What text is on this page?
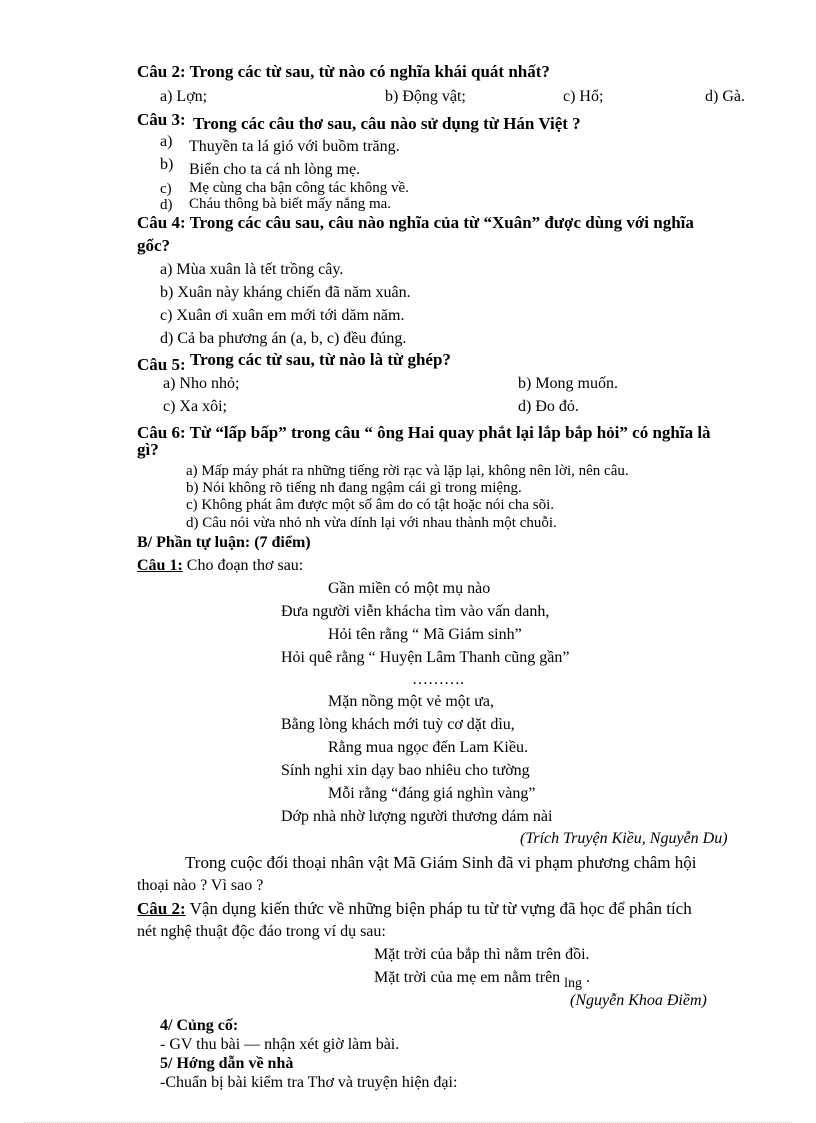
Câu 2: Trong các từ sau, từ nào có nghĩa khái quát nhất?
a) Lợn;	b) Động vật;	c) Hổ;	d) Gà.
Câu 3: Trong các câu thơ sau, câu nào sử dụng từ Hán Việt ?
a) Thuyền ta lá gió với buồm trăng.
b) Biển cho ta cá nh lòng mẹ.
c) Mẹ cùng cha bận công tác không về.
d) Cháu thông bà biết mấy nắng ma.
Câu 4: Trong các câu sau, câu nào nghĩa của từ “Xuân” được dùng với nghĩa
gốc?
a) Mùa xuân là tết trồng cây.
b) Xuân này kháng chiến đã năm xuân.
c) Xuân ơi xuân em mới tới dăm năm.
d) Cả ba phương án (a, b, c) đều đúng.
Câu 5: Trong các từ sau, từ nào là từ ghép?
a) Nho nhỏ;	b) Mong muốn.
c) Xa xôi;	d) Đo đỏ.
Câu 6: Từ “lấp bấp” trong câu “ ông Hai quay phắt lại lắp bắp hỏi” có nghĩa là
gì?
a) Mấp máy phát ra những tiếng rời rạc và lặp lại, không nên lời, nên câu.
b) Nói không rõ tiếng nh đang ngậm cái gì trong miệng.
c) Không phát âm được một số âm do có tật hoặc nói cha sõi.
d) Câu nói vừa nhỏ nh vừa dính lại với nhau thành một chuỗi.
B/ Phần tự luận: (7 điểm)
Câu 1: Cho đoạn thơ sau:
Gần miền có một mụ nào
Đưa người viễn khácha tìm vào vấn danh,
Hỏi tên rằng “ Mã Giám sinh”
Hỏi quê rằng “ Huyện Lâm Thanh cũng gần”
……….
Mặn nồng một vẻ một ưa,
Bằng lòng khách mới tuỳ cơ dặt dìu,
Rằng mua ngọc đến Lam Kiều.
Sính nghi xin dạy bao nhiêu cho tường
Mỗi rằng “đáng giá nghìn vàng”
Dớp nhà nhờ lượng người thương dám nài
(Trích Truyện Kiều, Nguyễn Du)
Trong cuộc đối thoại nhân vật Mã Giám Sinh đã vi phạm phương châm hội
thoại nào ? Vì sao ?
Câu 2: Vận dụng kiến thức về những biện pháp tu từ từ vựng đã học để phân tích
nét nghệ thuật độc đáo trong ví dụ sau:
Mặt trời của bắp thì nằm trên đồi.
Mặt trời của mẹ em nằm trên lng .
(Nguyễn Khoa Điềm)
4/ Củng cố:
- GV thu bài — nhận xét giờ làm bài.
5/ Hớng dẫn về nhà
-Chuẩn bị bài kiểm tra Thơ và truyện hiện đại:
